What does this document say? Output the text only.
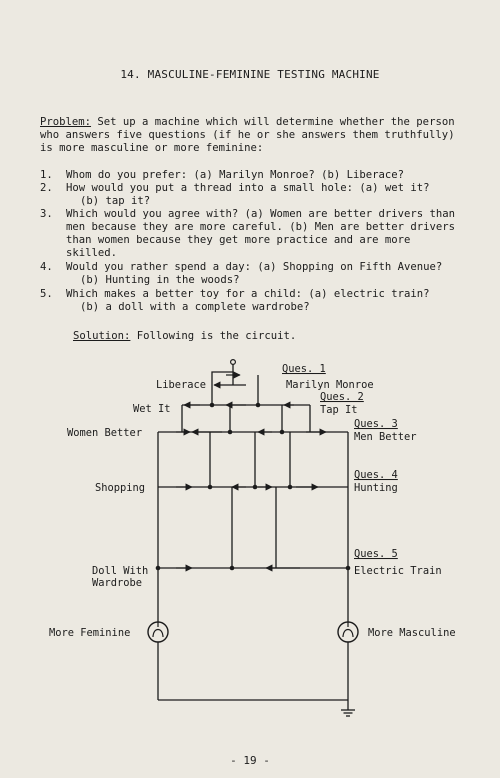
14. MASCULINE-FEMININE TESTING MACHINE
Problem: Set up a machine which will determine whether the person who answers five questions (if he or she answers them truthfully) is more masculine or more feminine:
1. Whom do you prefer: (a) Marilyn Monroe? (b) Liberace?
2. How would you put a thread into a small hole: (a) wet it?
(b) tap it?
3. Which would you agree with? (a) Women are better drivers than men because they are more careful. (b) Men are better drivers than women because they get more practice and are more skilled.
4. Would you rather spend a day: (a) Shopping on Fifth Avenue?
(b) Hunting in the woods?
5. Which makes a better toy for a child: (a) electric train?
(b) a doll with a complete wardrobe?
Solution: Following is the circuit.
Ques. 1
Liberace	Marilyn Monroe
Ques. 2
Wet It	Tap It
Ques. 3
Women Better	Men Better
Ques. 4
Shopping	Hunting
Ques. 5
Doll With
Wardrobe
Electric Train
More Feminine	More Masculine
- 19 -
